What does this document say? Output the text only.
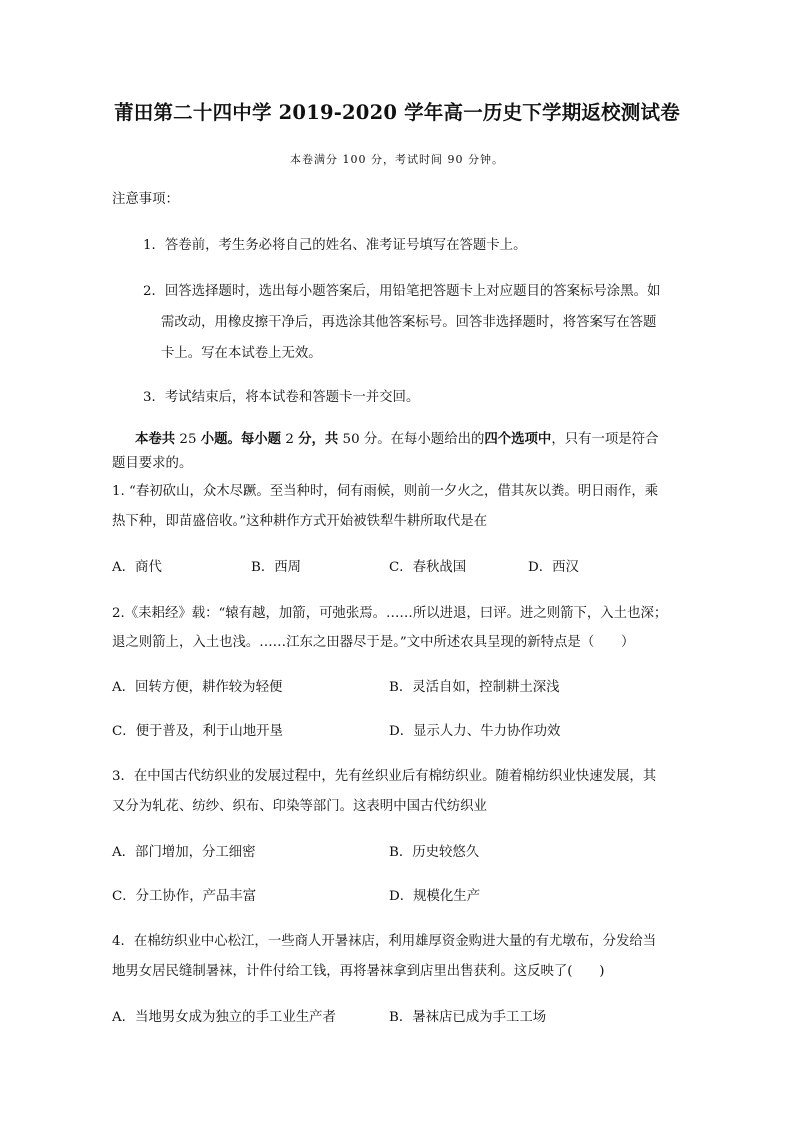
莆田第二十四中学 2019-2020 学年高一历史下学期返校测试卷
本卷满分 100 分，考试时间 90 分钟。
注意事项：
1．答卷前，考生务必将自己的姓名、准考证号填写在答题卡上。
2．回答选择题时，选出每小题答案后，用铅笔把答题卡上对应题目的答案标号涂黑。如
需改动，用橡皮擦干净后，再选涂其他答案标号。回答非选择题时，将答案写在答题
卡上。写在本试卷上无效。
3．考试结束后，将本试卷和答题卡一并交回。
本卷共 25 小题。每小题 2 分，共 50 分。在每小题给出的四个选项中，只有一项是符合
题目要求的。
1. “春初砍山，众木尽蹶。至当种时，伺有雨候，则前一夕火之，借其灰以粪。明日雨作，乘
热下种，即苗盛倍收。”这种耕作方式开始被铁犁牛耕所取代是在
A．商代	B．西周	C．春秋战国	D．西汉
2.《耒耜经》载：“辕有越，加箭，可弛张焉。……所以进退，曰评。进之则箭下，入土也深；
退之则箭上，入土也浅。……江东之田器尽于是。”文中所述农具呈现的新特点是（　　）
A．回转方便，耕作较为轻便	B．灵活自如，控制耕土深浅
C．便于普及，利于山地开垦	D．显示人力、牛力协作功效
3．在中国古代纺织业的发展过程中，先有丝织业后有棉纺织业。随着棉纺织业快速发展，其
又分为轧花、纺纱、织布、印染等部门。这表明中国古代纺织业
A．部门增加，分工细密	B．历史较悠久
C．分工协作，产品丰富	D．规模化生产
4．在棉纺织业中心松江，一些商人开暑袜店，利用雄厚资金购进大量的有尤墩布，分发给当
地男女居民缝制暑袜，计件付给工钱，再将暑袜拿到店里出售获利。这反映了(　　)
A．当地男女成为独立的手工业生产者	B．暑袜店已成为手工工场
